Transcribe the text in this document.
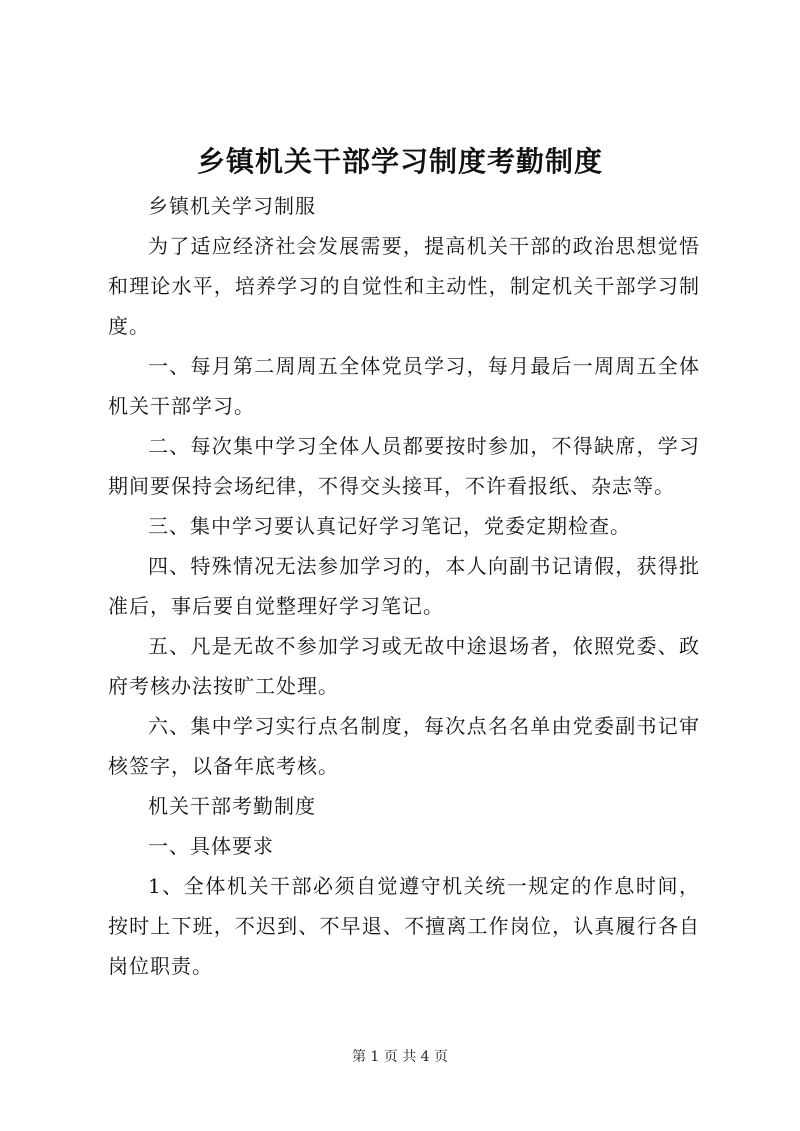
乡镇机关干部学习制度考勤制度

乡镇机关学习制服

为了适应经济社会发展需要，提高机关干部的政治思想觉悟和理论水平，培养学习的自觉性和主动性，制定机关干部学习制度。

一、每月第二周周五全体党员学习，每月最后一周周五全体机关干部学习。

二、每次集中学习全体人员都要按时参加，不得缺席，学习期间要保持会场纪律，不得交头接耳，不许看报纸、杂志等。

三、集中学习要认真记好学习笔记，党委定期检查。

四、特殊情况无法参加学习的，本人向副书记请假，获得批准后，事后要自觉整理好学习笔记。

五、凡是无故不参加学习或无故中途退场者，依照党委、政府考核办法按旷工处理。

六、集中学习实行点名制度，每次点名名单由党委副书记审核签字，以备年底考核。

机关干部考勤制度

一、具体要求

1、全体机关干部必须自觉遵守机关统一规定的作息时间，按时上下班，不迟到、不早退、不擅离工作岗位，认真履行各自岗位职责。

第 1 页 共 4 页
